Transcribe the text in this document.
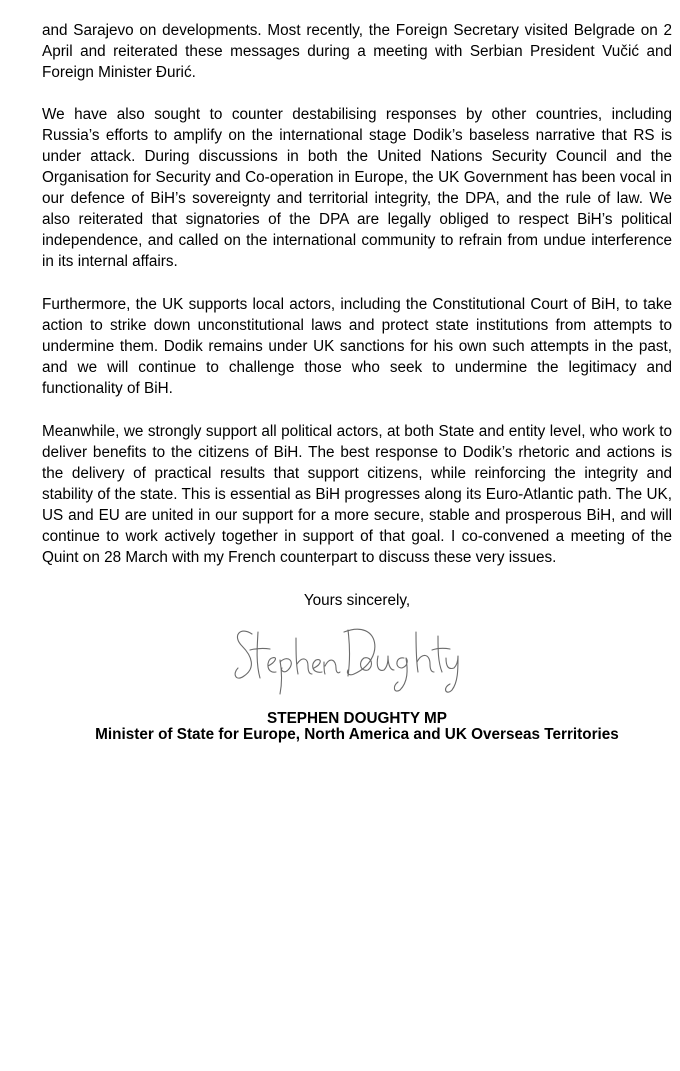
and Sarajevo on developments. Most recently, the Foreign Secretary visited Belgrade on 2 April and reiterated these messages during a meeting with Serbian President Vučić and Foreign Minister Đurić.

We have also sought to counter destabilising responses by other countries, including Russia’s efforts to amplify on the international stage Dodik’s baseless narrative that RS is under attack. During discussions in both the United Nations Security Council and the Organisation for Security and Co-operation in Europe, the UK Government has been vocal in our defence of BiH’s sovereignty and territorial integrity, the DPA, and the rule of law. We also reiterated that signatories of the DPA are legally obliged to respect BiH’s political independence, and called on the international community to refrain from undue interference in its internal affairs.

Furthermore, the UK supports local actors, including the Constitutional Court of BiH, to take action to strike down unconstitutional laws and protect state institutions from attempts to undermine them. Dodik remains under UK sanctions for his own such attempts in the past, and we will continue to challenge those who seek to undermine the legitimacy and functionality of BiH.

Meanwhile, we strongly support all political actors, at both State and entity level, who work to deliver benefits to the citizens of BiH. The best response to Dodik’s rhetoric and actions is the delivery of practical results that support citizens, while reinforcing the integrity and stability of the state. This is essential as BiH progresses along its Euro-Atlantic path. The UK, US and EU are united in our support for a more secure, stable and prosperous BiH, and will continue to work actively together in support of that goal. I co-convened a meeting of the Quint on 28 March with my French counterpart to discuss these very issues.

Yours sincerely,

STEPHEN DOUGHTY MP

Minister of State for Europe, North America and UK Overseas Territories
